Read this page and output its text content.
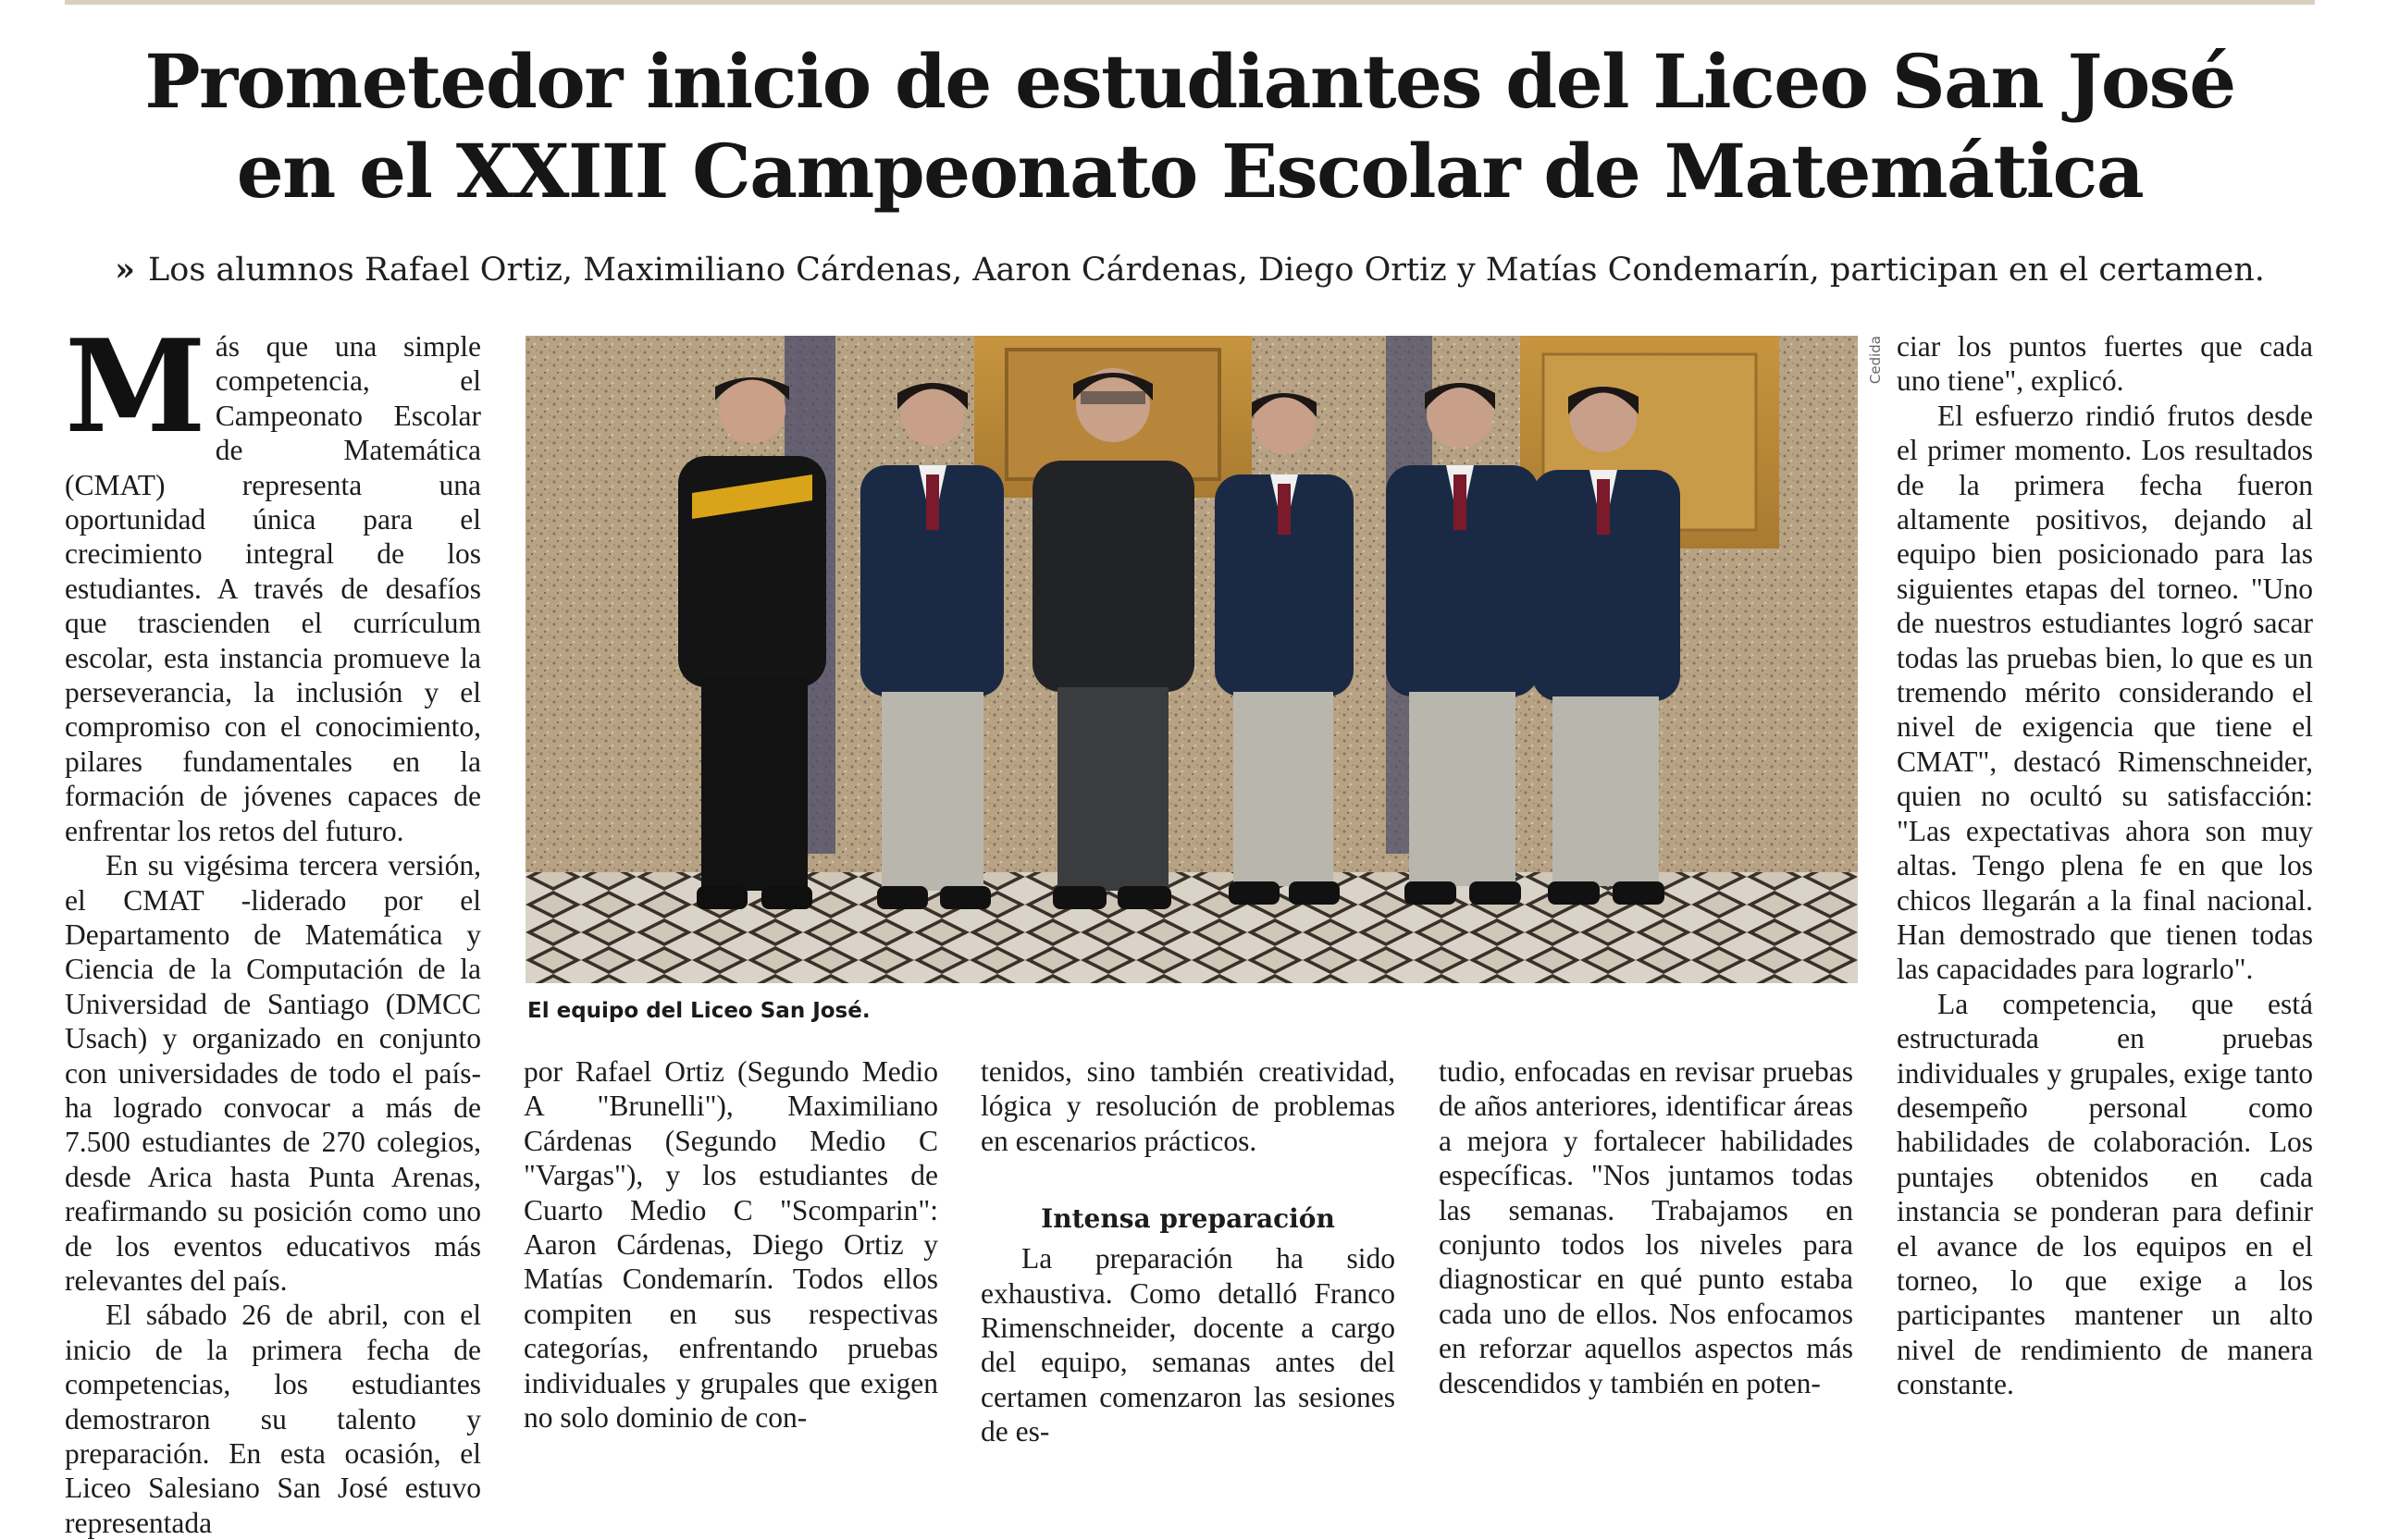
Prometedor inicio de estudiantes del Liceo San José
en el XXIII Campeonato Escolar de Matemática
» Los alumnos Rafael Ortiz, Maximiliano Cárdenas, Aaron Cárdenas, Diego Ortiz y Matías Condemarín, participan en el certamen.

Más que una simple competencia, el Campeonato Escolar de Matemática (CMAT) representa una oportunidad única para el crecimiento integral de los estudiantes. A través de desafíos que trascienden el currículum escolar, esta instancia promueve la perseverancia, la inclusión y el compromiso con el conocimiento, pilares fundamentales en la formación de jóvenes capaces de enfrentar los retos del futuro.

En su vigésima tercera versión, el CMAT -liderado por el Departamento de Matemática y Ciencia de la Computación de la Universidad de Santiago (DMCC Usach) y organizado en conjunto con universidades de todo el país- ha logrado convocar a más de 7.500 estudiantes de 270 colegios, desde Arica hasta Punta Arenas, reafirmando su posición como uno de los eventos educativos más relevantes del país.

El sábado 26 de abril, con el inicio de la primera fecha de competencias, los estudiantes demostraron su talento y preparación. En esta ocasión, el Liceo Salesiano San José estuvo representada

Cedida
El equipo del Liceo San José.

por Rafael Ortiz (Segundo Medio A "Brunelli"), Maximiliano Cárdenas (Segundo Medio C "Vargas"), y los estudiantes de Cuarto Medio C "Scomparin": Aaron Cárdenas, Diego Ortiz y Matías Condemarín. Todos ellos compiten en sus respectivas categorías, enfrentando pruebas individuales y grupales que exigen no solo dominio de con-

tenidos, sino también creatividad, lógica y resolución de problemas en escenarios prácticos.

Intensa preparación

La preparación ha sido exhaustiva. Como detalló Franco Rimenschneider, docente a cargo del equipo, semanas antes del certamen comenzaron las sesiones de es-

tudio, enfocadas en revisar pruebas de años anteriores, identificar áreas a mejora y fortalecer habilidades específicas. "Nos juntamos todas las semanas. Trabajamos en conjunto todos los niveles para diagnosticar en qué punto estaba cada uno de ellos. Nos enfocamos en reforzar aquellos aspectos más descendidos y también en poten-

ciar los puntos fuertes que cada uno tiene", explicó.

El esfuerzo rindió frutos desde el primer momento. Los resultados de la primera fecha fueron altamente positivos, dejando al equipo bien posicionado para las siguientes etapas del torneo. "Uno de nuestros estudiantes logró sacar todas las pruebas bien, lo que es un tremendo mérito considerando el nivel de exigencia que tiene el CMAT", destacó Rimenschneider, quien no ocultó su satisfacción: "Las expectativas ahora son muy altas. Tengo plena fe en que los chicos llegarán a la final nacional. Han demostrado que tienen todas las capacidades para lograrlo".

La competencia, que está estructurada en pruebas individuales y grupales, exige tanto desempeño personal como habilidades de colaboración. Los puntajes obtenidos en cada instancia se ponderan para definir el avance de los equipos en el torneo, lo que exige a los participantes mantener un alto nivel de rendimiento de manera constante.
